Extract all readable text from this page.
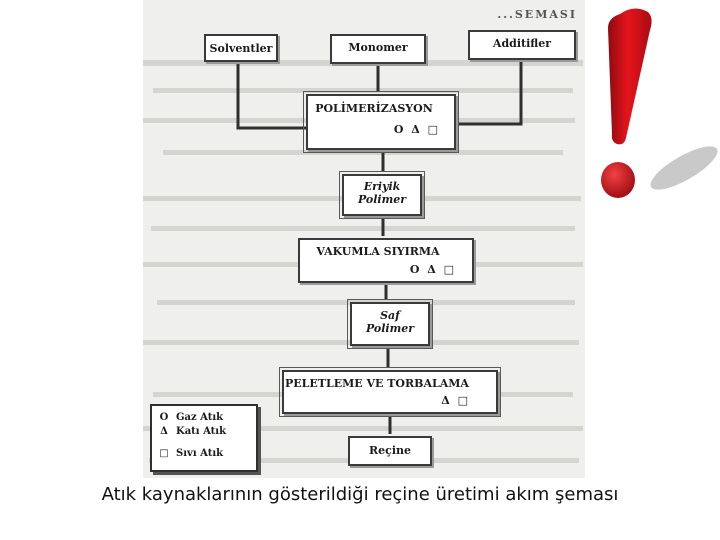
...SEMASI
Solventler	Monomer	Additifler
POLİMERİZASYON
O Δ □
Eriyik
Polimer
VAKUMLA SIYIRMA
O Δ □
Saf
Polimer
PELETLEME VE TORBALAMA
Δ □
Reçine
O Gaz Atık
Δ Katı Atık
□ Sıvı Atık
Atık kaynaklarının gösterildiği reçine üretimi akım şeması
